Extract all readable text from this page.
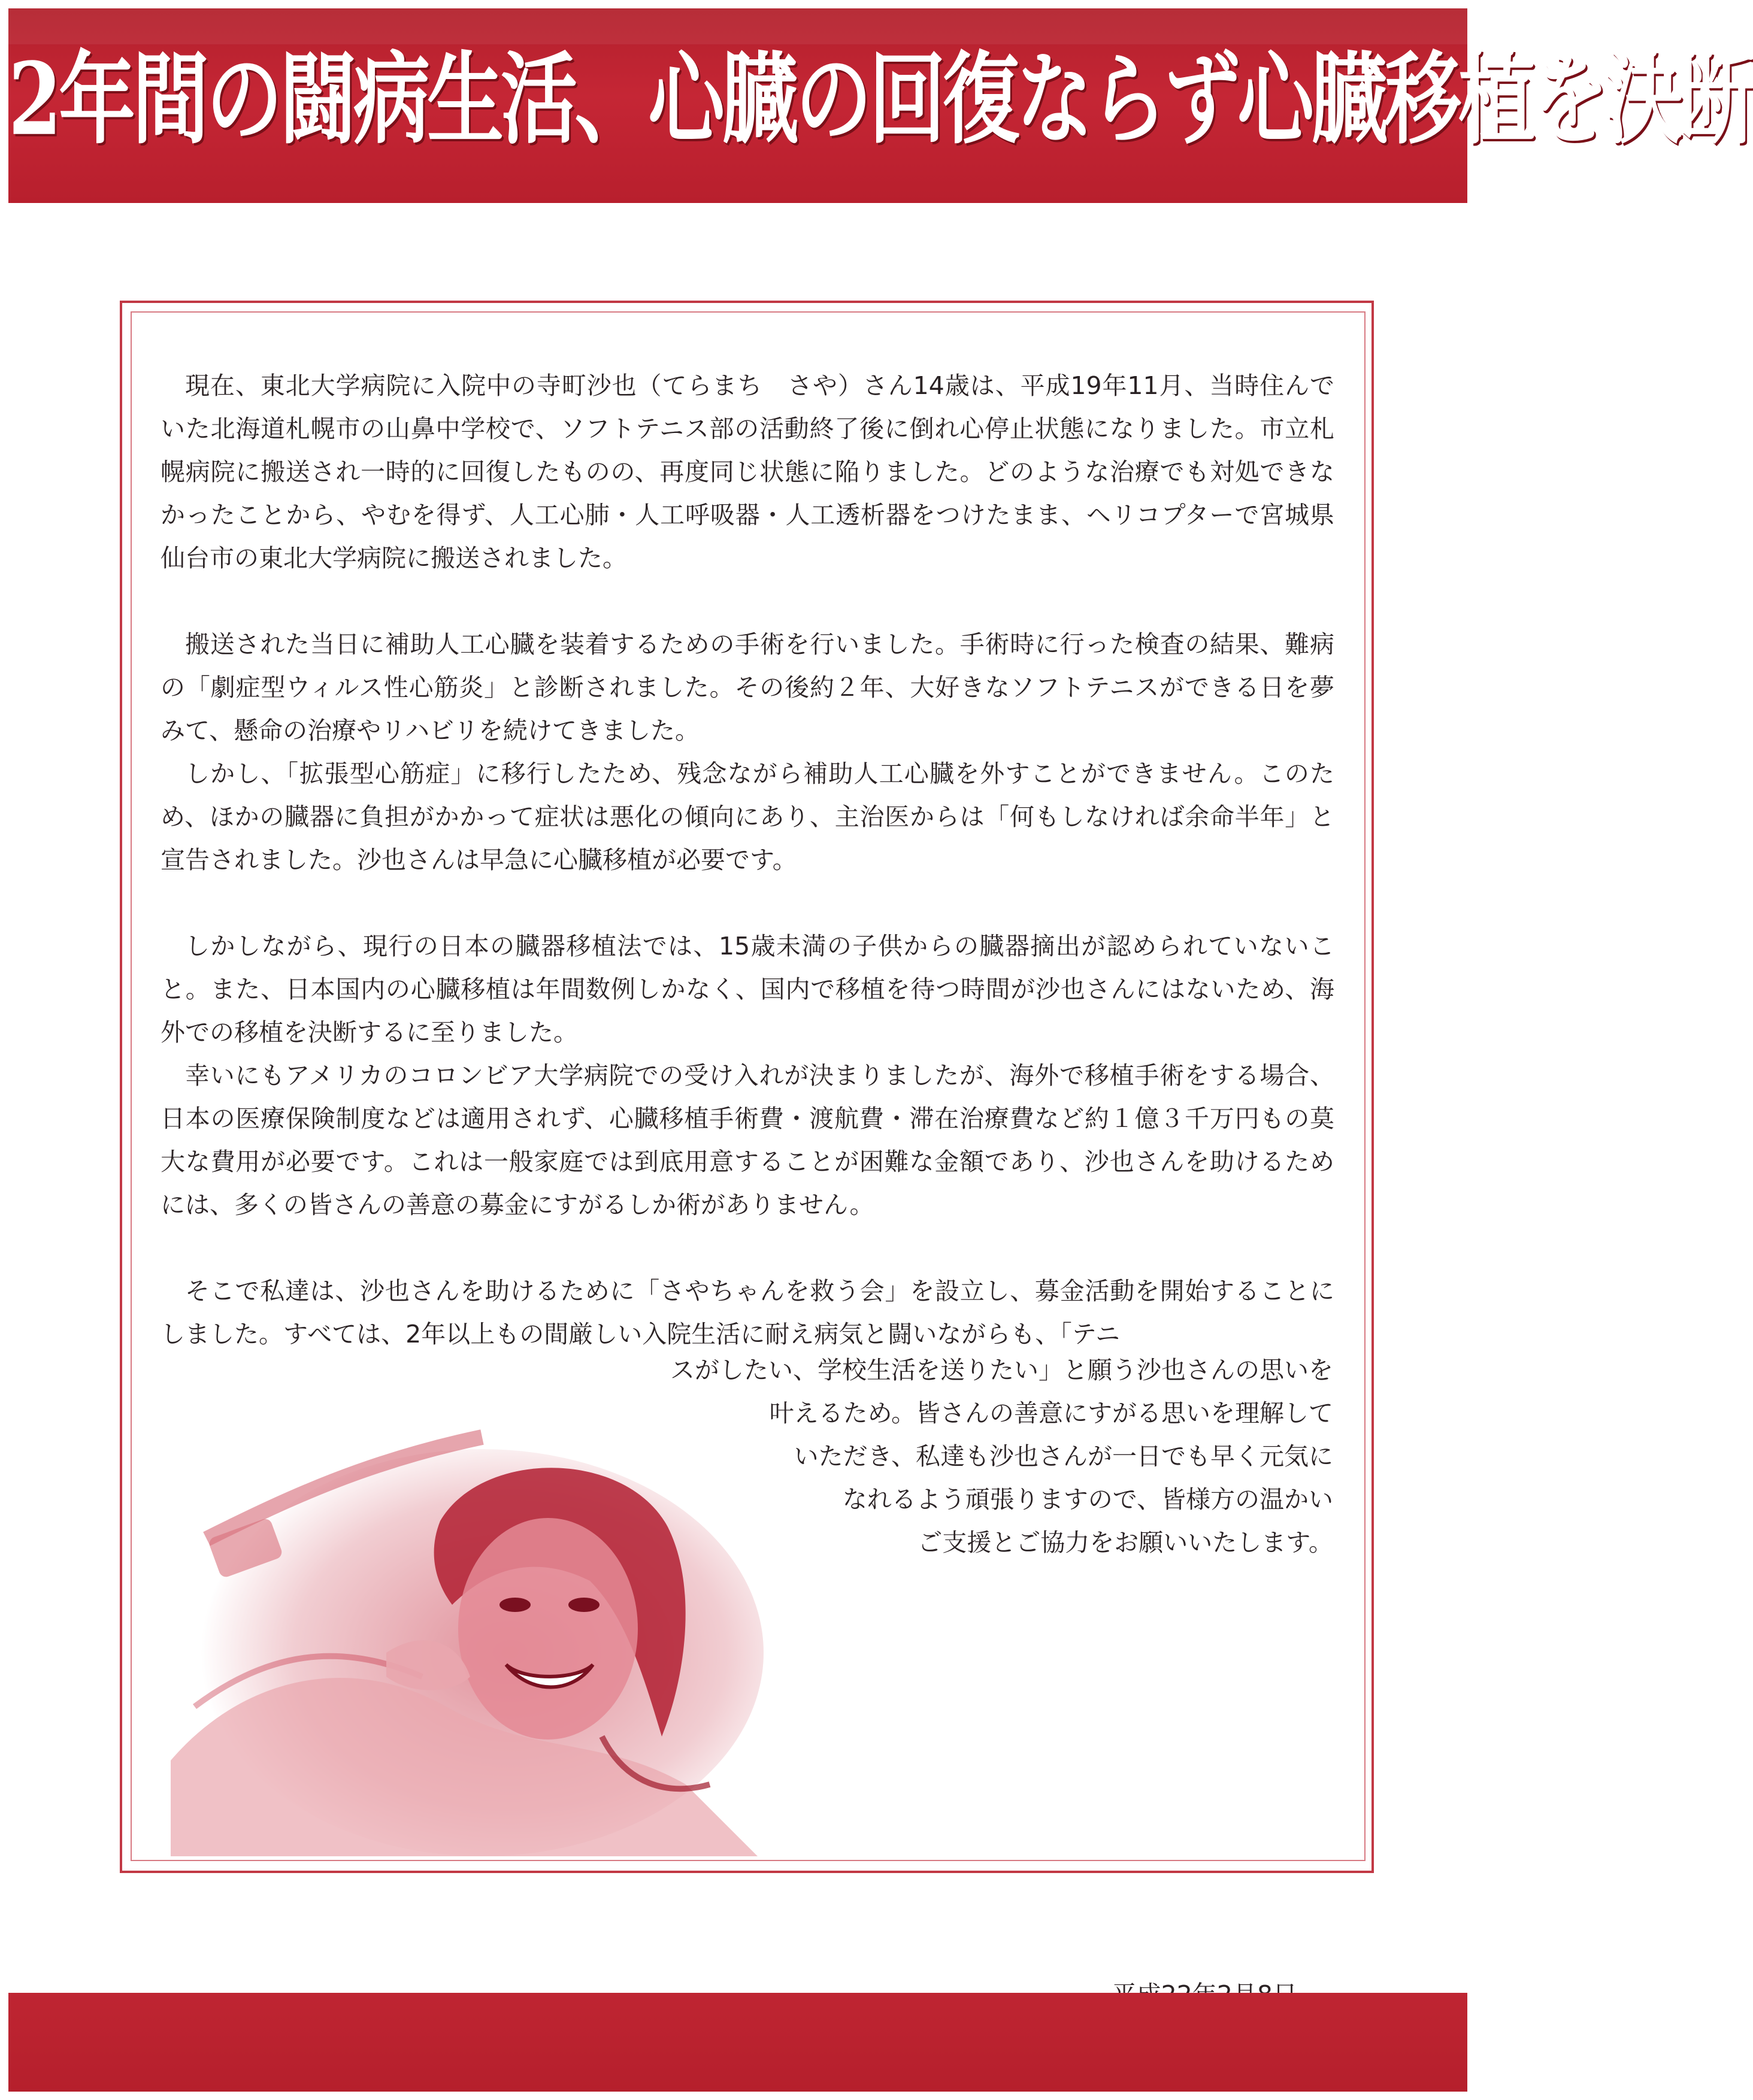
2年間の闘病生活、心臓の回復ならず心臓移植を決断

現在、東北大学病院に入院中の寺町沙也（てらまち　さや）さん14歳は、平成19年11月、当時住んでいた北海道札幌市の山鼻中学校で、ソフトテニス部の活動終了後に倒れ心停止状態になりました。市立札幌病院に搬送され一時的に回復したものの、再度同じ状態に陥りました。どのような治療でも対処できなかったことから、やむを得ず、人工心肺・人工呼吸器・人工透析器をつけたまま、ヘリコプターで宮城県仙台市の東北大学病院に搬送されました。

搬送された当日に補助人工心臓を装着するための手術を行いました。手術時に行った検査の結果、難病の「劇症型ウィルス性心筋炎」と診断されました。その後約２年、大好きなソフトテニスができる日を夢みて、懸命の治療やリハビリを続けてきました。

しかし、「拡張型心筋症」に移行したため、残念ながら補助人工心臓を外すことができません。このため、ほかの臓器に負担がかかって症状は悪化の傾向にあり、主治医からは「何もしなければ余命半年」と宣告されました。沙也さんは早急に心臓移植が必要です。

しかしながら、現行の日本の臓器移植法では、15歳未満の子供からの臓器摘出が認められていないこと。また、日本国内の心臓移植は年間数例しかなく、国内で移植を待つ時間が沙也さんにはないため、海外での移植を決断するに至りました。

幸いにもアメリカのコロンビア大学病院での受け入れが決まりましたが、海外で移植手術をする場合、日本の医療保険制度などは適用されず、心臓移植手術費・渡航費・滞在治療費など約１億３千万円もの莫大な費用が必要です。これは一般家庭では到底用意することが困難な金額であり、沙也さんを助けるためには、多くの皆さんの善意の募金にすがるしか術がありません。

そこで私達は、沙也さんを助けるために「さやちゃんを救う会」を設立し、募金活動を開始することにしました。すべては、2年以上もの間厳しい入院生活に耐え病気と闘いながらも、「テニ

スがしたい、学校生活を送りたい」と願う沙也さんの思いを
叶えるため。皆さんの善意にすがる思いを理解して
いただき、私達も沙也さんが一日でも早く元気に
なれるよう頑張りますので、皆様方の温かい
ご支援とご協力をお願いいたします。
